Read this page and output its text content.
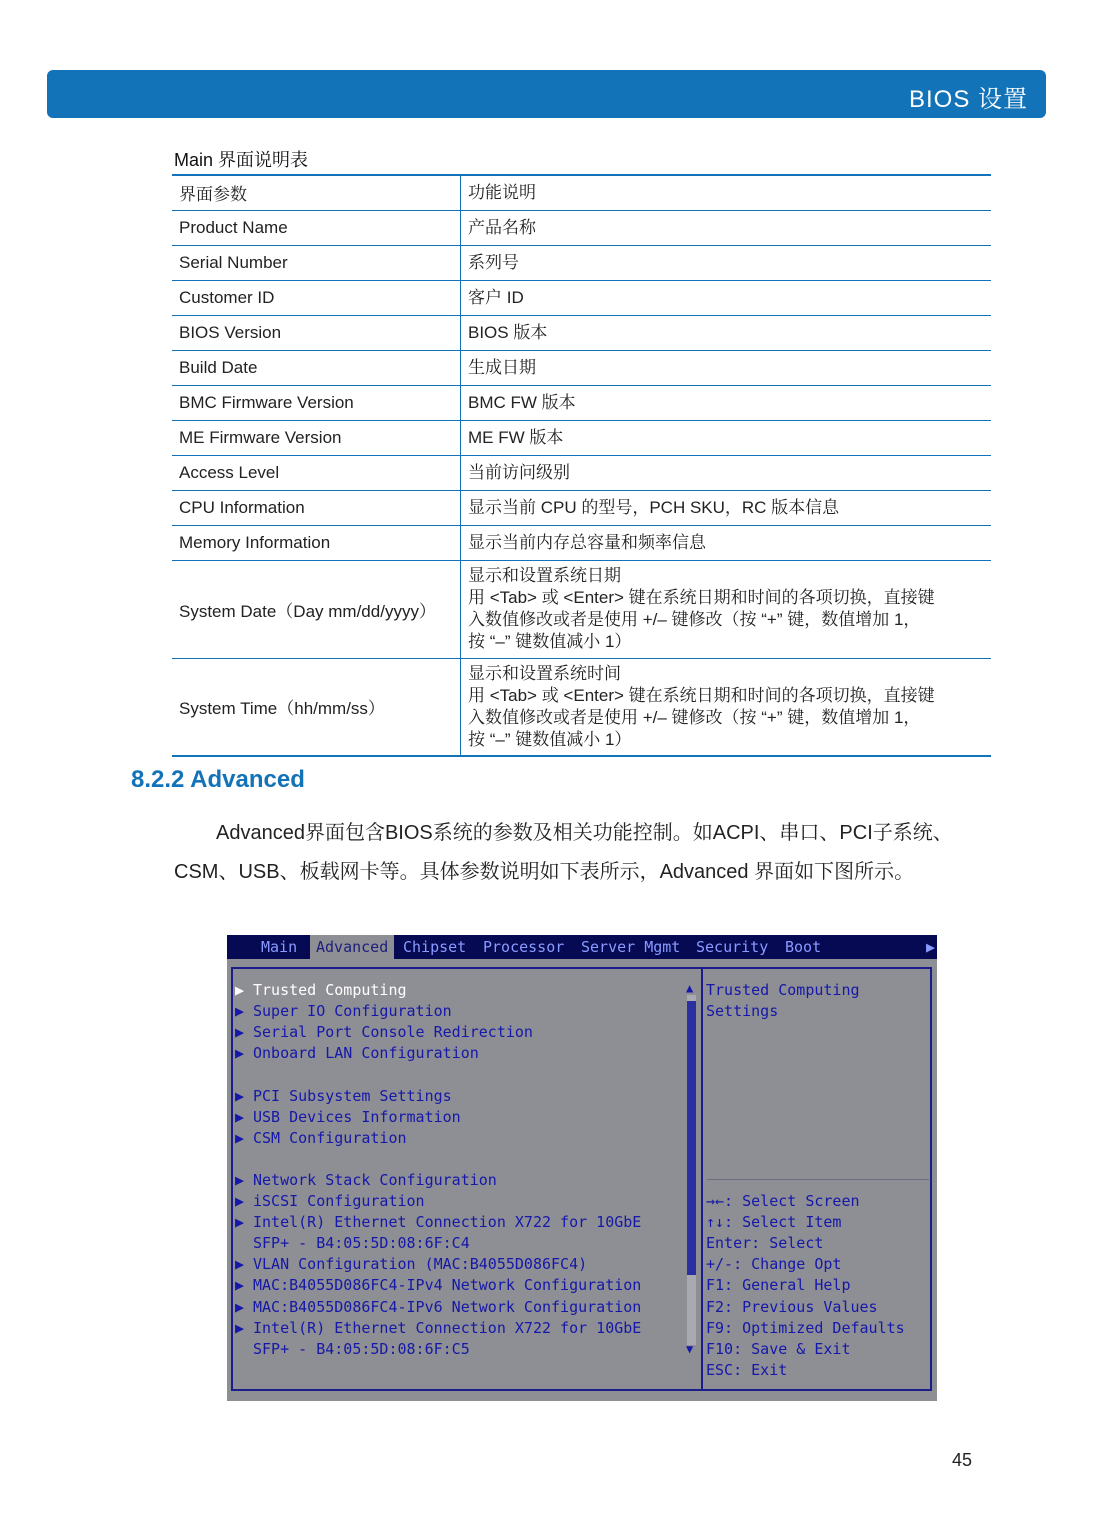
BIOS 设置
Main 界面说明表
界面参数	功能说明

Product Name	产品名称

Serial Number	系列号

Customer ID	客户 ID

BIOS Version	BIOS 版本

Build Date	生成日期

BMC Firmware Version	BMC FW 版本

ME Firmware Version	ME FW 版本

Access Level	当前访问级别

CPU Information	显示当前 CPU 的型号，PCH SKU，RC 版本信息

Memory Information	显示当前内存总容量和频率信息

System Date（Day mm/dd/yyyy）	显示和设置系统日期
用 <Tab> 或 <Enter> 键在系统日期和时间的各项切换，直接键
入数值修改或者是使用 +/– 键修改（按 “+” 键，数值增加 1，
按 “–” 键数值减小 1）

System Time（hh/mm/ss）	显示和设置系统时间
用 <Tab> 或 <Enter> 键在系统日期和时间的各项切换，直接键
入数值修改或者是使用 +/– 键修改（按 “+” 键，数值增加 1，
按 “–” 键数值减小 1）
8.2.2 Advanced
Advanced界面包含BIOS系统的参数及相关功能控制。如ACPI、串口、PCI子系统、 CSM、USB、板载网卡等。具体参数说明如下表所示，Advanced 界面如下图所示。
Main	Advanced Chipset Processor Server Mgmt Security Boot	▶
▲
▼
▶ Trusted Computing
▶ Super IO Configuration
▶ Serial Port Console Redirection
▶ Onboard LAN Configuration
▶ PCI Subsystem Settings
▶ USB Devices Information
▶ CSM Configuration
▶ Network Stack Configuration
▶ iSCSI Configuration
▶ Intel(R) Ethernet Connection X722 for 10GbE
SFP+ - B4:05:5D:08:6F:C4
▶ VLAN Configuration (MAC:B4055D086FC4)
▶ MAC:B4055D086FC4-IPv4 Network Configuration
▶ MAC:B4055D086FC4-IPv6 Network Configuration
▶ Intel(R) Ethernet Connection X722 for 10GbE
SFP+ - B4:05:5D:08:6F:C5
Trusted Computing
Settings
→←: Select Screen
↑↓: Select Item
Enter: Select
+/-: Change Opt
F1: General Help
F2: Previous Values
F9: Optimized Defaults
F10: Save & Exit
ESC: Exit
45
